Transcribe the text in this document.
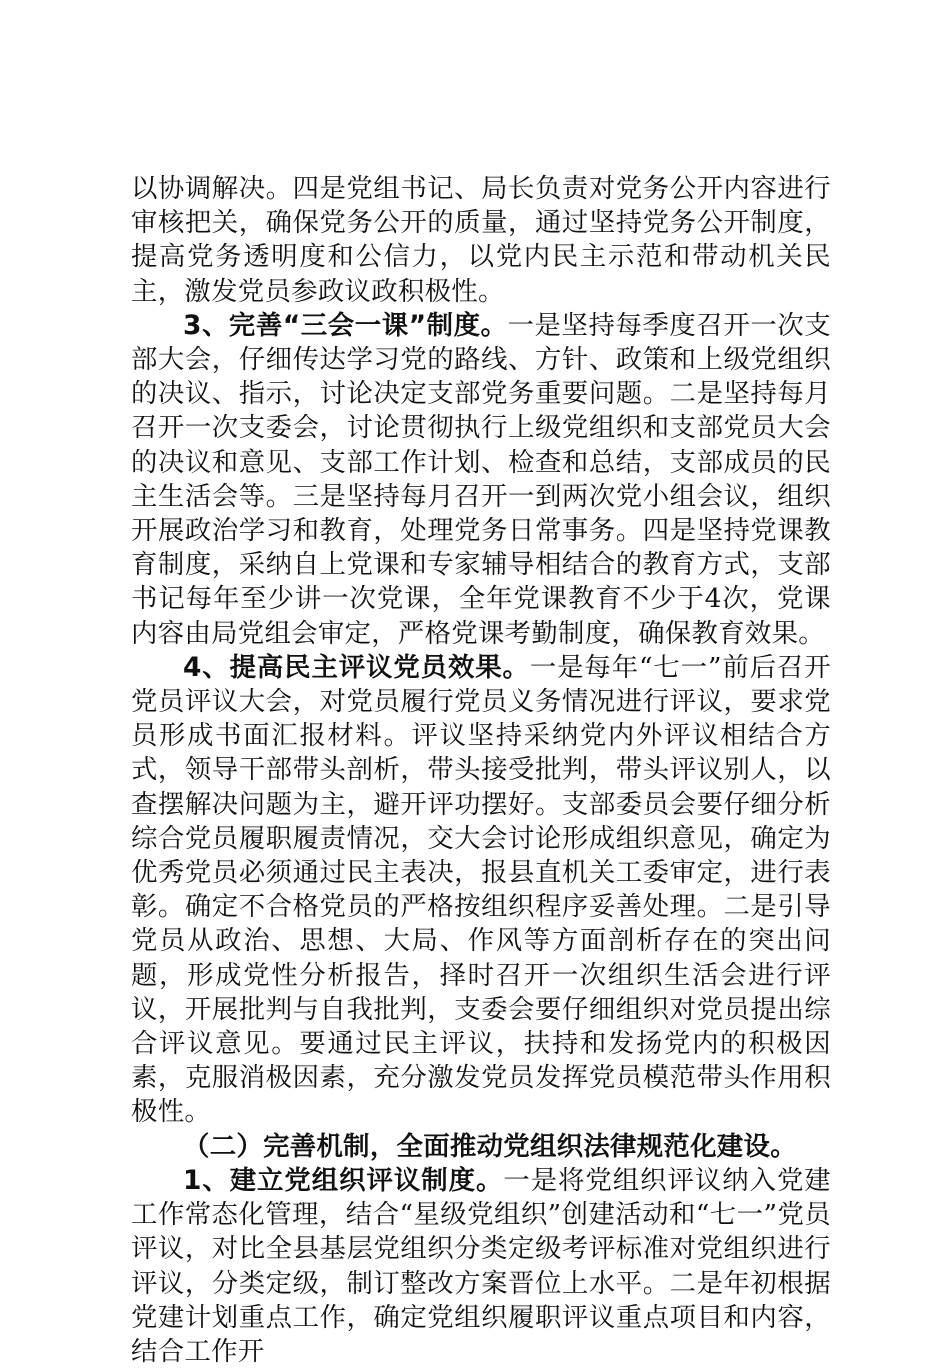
以协调解决。四是党组书记、局长负责对党务公开内容进行审核把关，确保党务公开的质量，通过坚持党务公开制度，提高党务透明度和公信力，以党内民主示范和带动机关民主，激发党员参政议政积极性。

3、完善“三会一课”制度。一是坚持每季度召开一次支部大会，仔细传达学习党的路线、方针、政策和上级党组织的决议、指示，讨论决定支部党务重要问题。二是坚持每月召开一次支委会，讨论贯彻执行上级党组织和支部党员大会的决议和意见、支部工作计划、检查和总结，支部成员的民主生活会等。三是坚持每月召开一到两次党小组会议，组织开展政治学习和教育，处理党务日常事务。四是坚持党课教育制度，采纳自上党课和专家辅导相结合的教育方式，支部书记每年至少讲一次党课，全年党课教育不少于4次，党课内容由局党组会审定，严格党课考勤制度，确保教育效果。

4、提高民主评议党员效果。一是每年“七一”前后召开党员评议大会，对党员履行党员义务情况进行评议，要求党员形成书面汇报材料。评议坚持采纳党内外评议相结合方式，领导干部带头剖析，带头接受批判，带头评议别人，以查摆解决问题为主，避开评功摆好。支部委员会要仔细分析综合党员履职履责情况，交大会讨论形成组织意见，确定为优秀党员必须通过民主表决，报县直机关工委审定，进行表彰。确定不合格党员的严格按组织程序妥善处理。二是引导党员从政治、思想、大局、作风等方面剖析存在的突出问题，形成党性分析报告，择时召开一次组织生活会进行评议，开展批判与自我批判，支委会要仔细组织对党员提出综合评议意见。要通过民主评议，扶持和发扬党内的积极因素，克服消极因素，充分激发党员发挥党员模范带头作用积极性。

（二）完善机制，全面推动党组织法律规范化建设。

1、建立党组织评议制度。一是将党组织评议纳入党建工作常态化管理，结合“星级党组织”创建活动和“七一”党员评议，对比全县基层党组织分类定级考评标准对党组织进行评议，分类定级，制订整改方案晋位上水平。二是年初根据党建计划重点工作，确定党组织履职评议重点项目和内容，结合工作开
